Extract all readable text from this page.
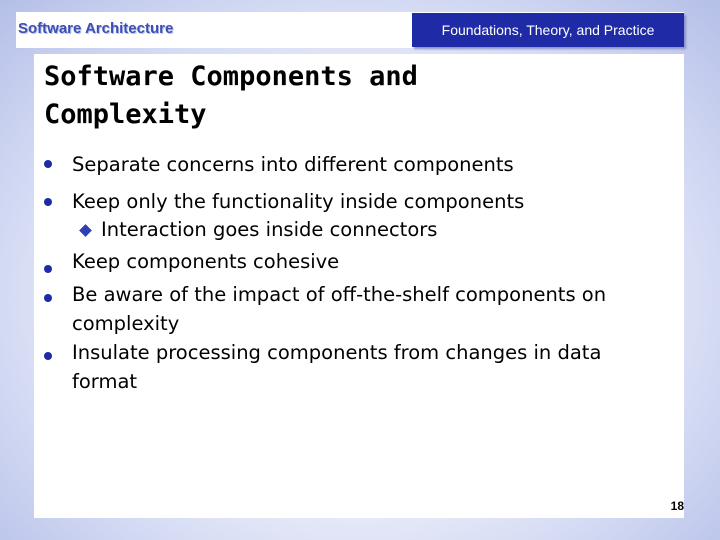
Software Architecture	Foundations, Theory, and Practice
Software Components and
Complexity
Separate concerns into different components
Keep only the functionality inside components
Interaction goes inside connectors
Keep components cohesive
Be aware of the impact of off-the-shelf components on
complexity
Insulate processing components from changes in data
format
18
